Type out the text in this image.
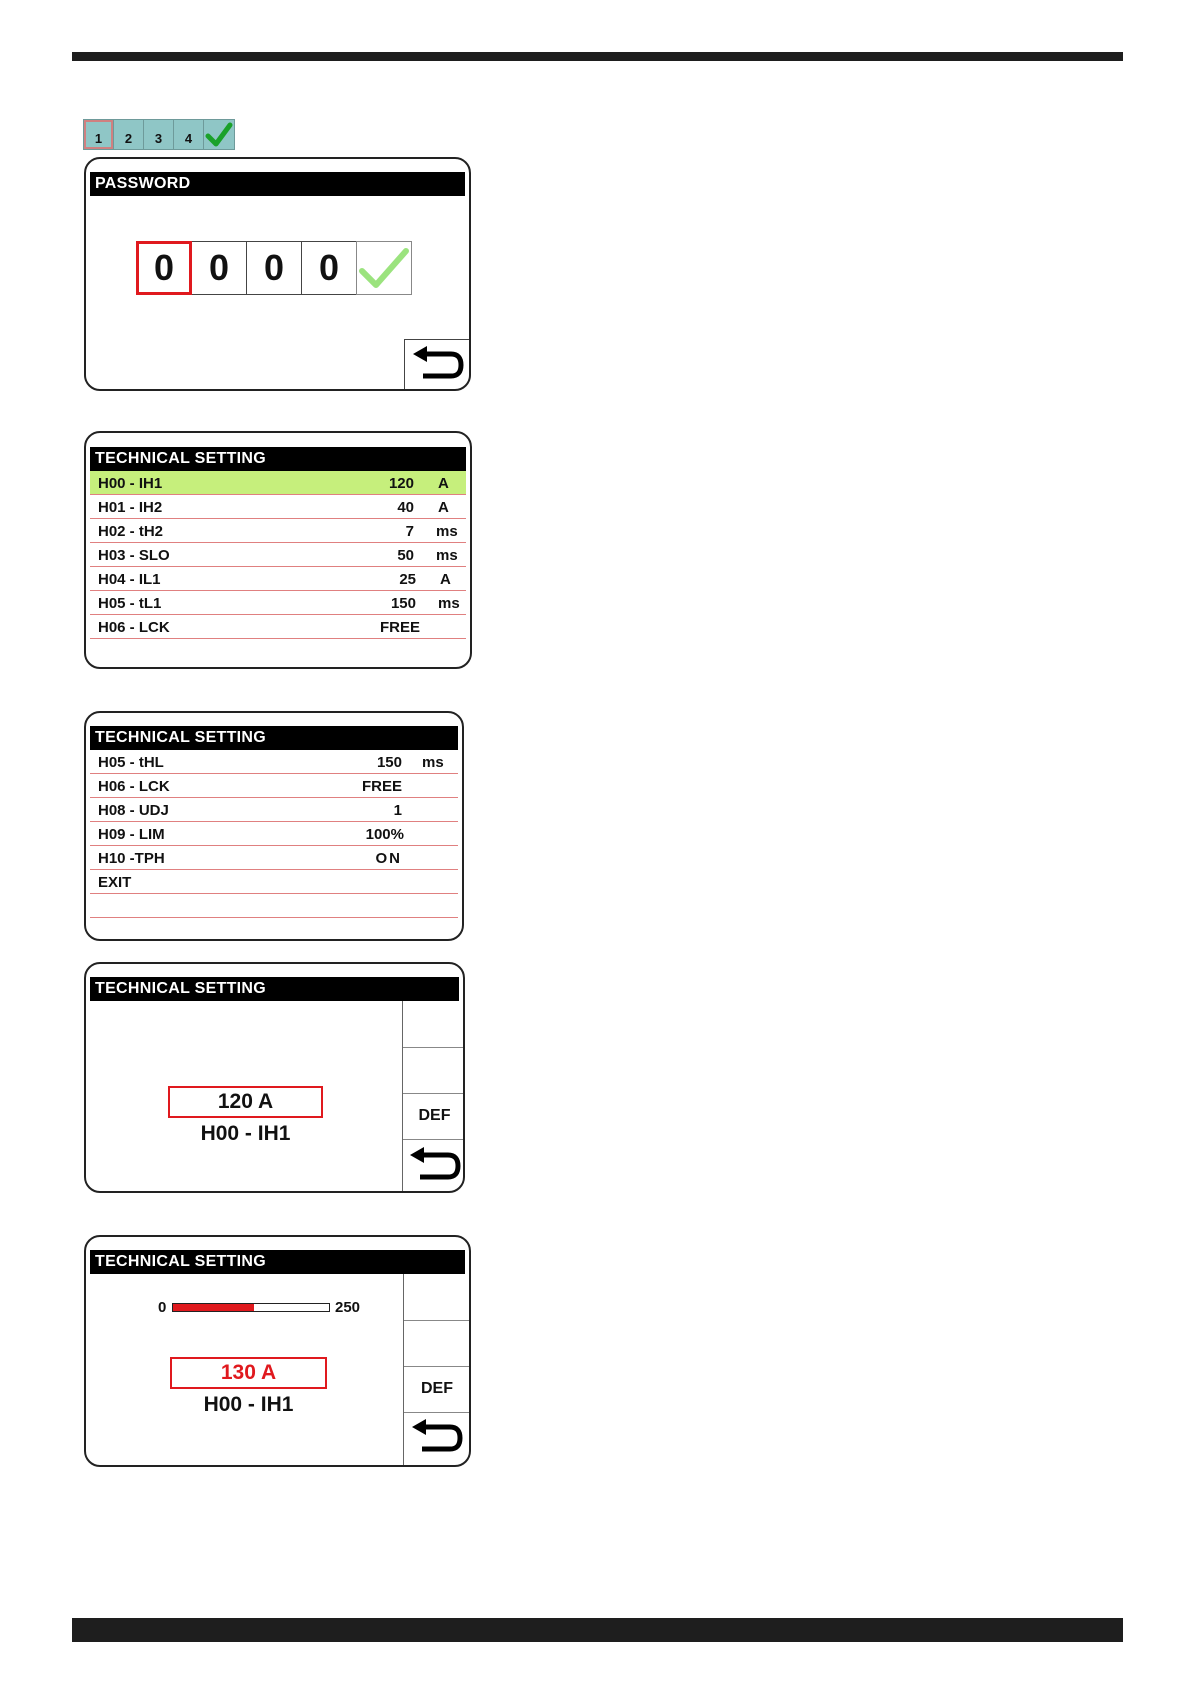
1	2	3	4
PASSWORD
0 0 0 0
TECHNICAL SETTING
H00 - IH1	120 A
H01 - IH2	40 A
H02 - tH2	7 ms
H03 - SLO	50 ms
H04 - IL1	25 A
H05 - tL1	150 ms
H06 - LCK	FREE
TECHNICAL SETTING
H05 - tHL	150 ms
H06 - LCK	FREE
H08 - UDJ	1
H09 - LIM	100%
H10 -TPH	ON
EXIT
TECHNICAL SETTING
DEF
120 A
H00 - IH1
TECHNICAL SETTING
DEF
0	250
130 A
H00 - IH1
